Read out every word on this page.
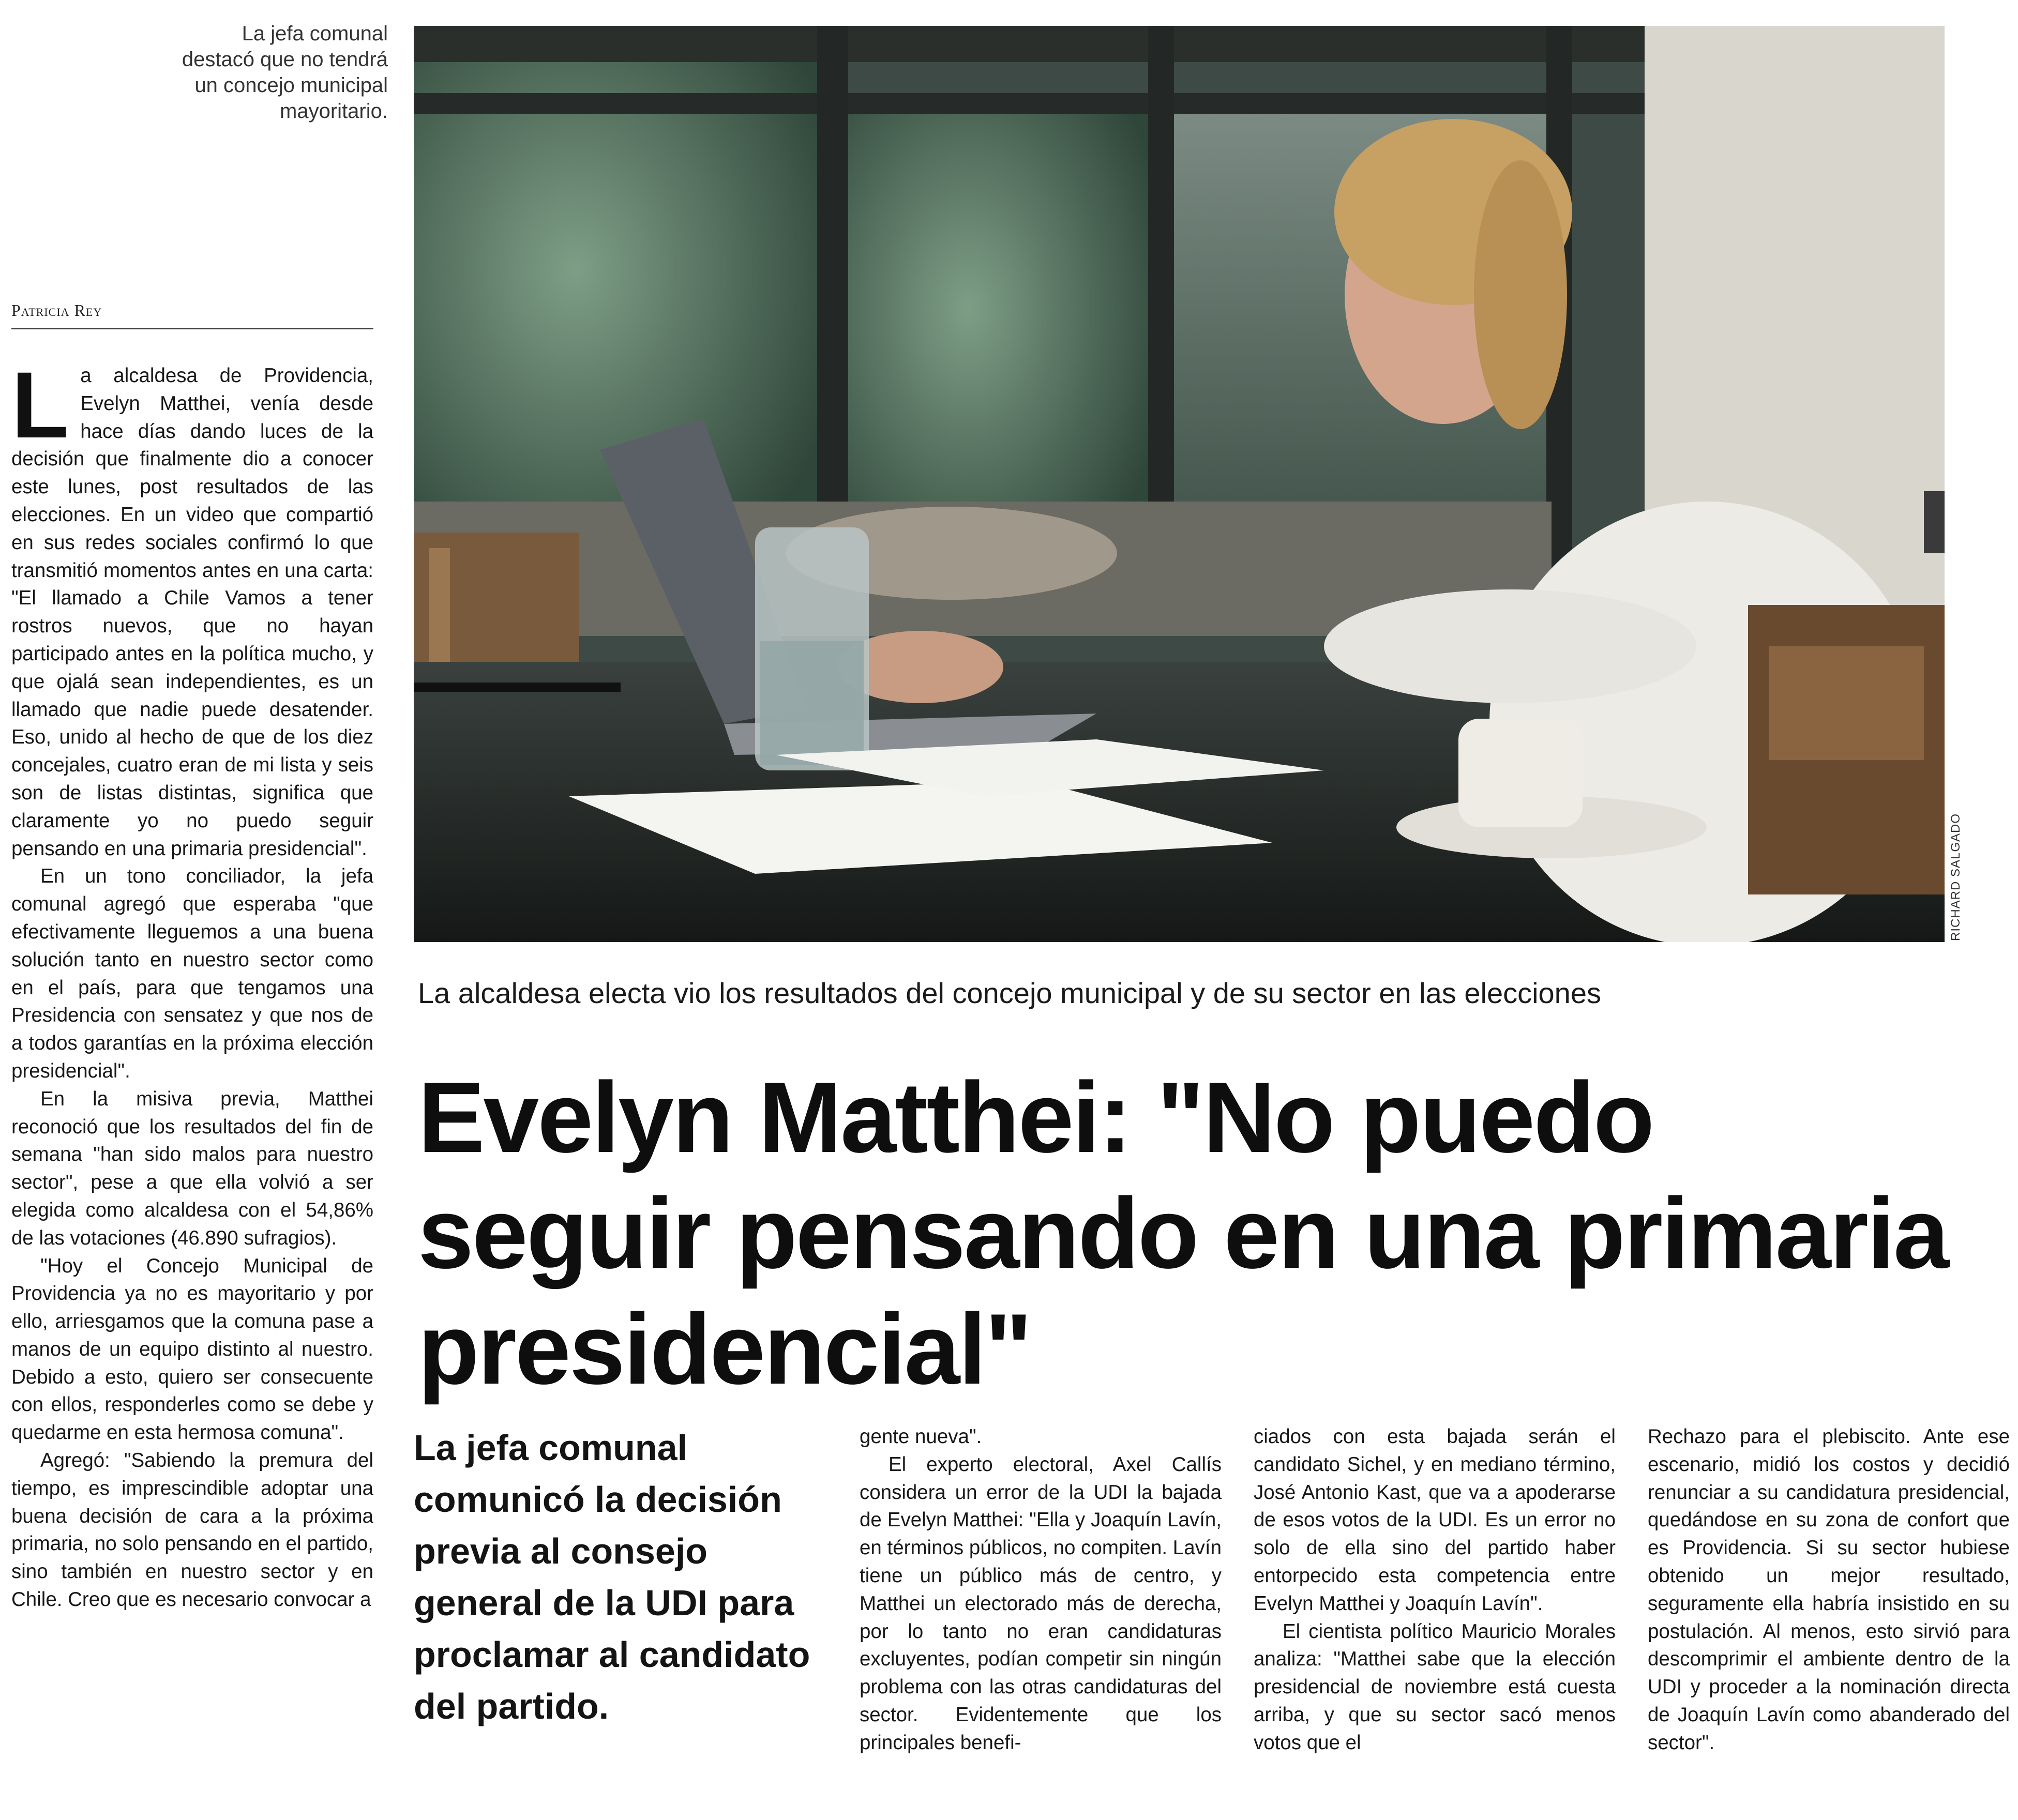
La jefa comunal destacó que no tendrá un concejo municipal mayoritario.
Patricia Rey

La alcaldesa de Providencia, Evelyn Matthei, venía desde hace días dando luces de la decisión que finalmente dio a conocer este lunes, post resultados de las elecciones. En un video que compartió en sus redes sociales confirmó lo que transmitió momentos antes en una carta: "El llamado a Chile Vamos a tener rostros nuevos, que no hayan participado antes en la política mucho, y que ojalá sean independientes, es un llamado que nadie puede desatender. Eso, unido al hecho de que de los diez concejales, cuatro eran de mi lista y seis son de listas distintas, significa que claramente yo no puedo seguir pensando en una primaria presidencial".

En un tono conciliador, la jefa comunal agregó que esperaba "que efectivamente lleguemos a una buena solución tanto en nuestro sector como en el país, para que tengamos una Presidencia con sensatez y que nos de a todos garantías en la próxima elección presidencial".

En la misiva previa, Matthei reconoció que los resultados del fin de semana "han sido malos para nuestro sector", pese a que ella volvió a ser elegida como alcaldesa con el 54,86% de las votaciones (46.890 sufragios).

"Hoy el Concejo Municipal de Providencia ya no es mayoritario y por ello, arriesgamos que la comuna pase a manos de un equipo distinto al nuestro. Debido a esto, quiero ser consecuente con ellos, responderles como se debe y quedarme en esta hermosa comuna".

Agregó: "Sabiendo la premura del tiempo, es imprescindible adoptar una buena decisión de cara a la próxima primaria, no solo pensando en el partido, sino también en nuestro sector y en Chile. Creo que es necesario convocar a

RICHARD SALGADO
La alcaldesa electa vio los resultados del concejo municipal y de su sector en las elecciones
Evelyn Matthei: "No puedo seguir pensando en una primaria presidencial"
La jefa comunal comunicó la decisión previa al consejo general de la UDI para proclamar al candidato del partido.

gente nueva".

El experto electoral, Axel Callís considera un error de la UDI la bajada de Evelyn Matthei: "Ella y Joaquín Lavín, en términos públicos, no compiten. Lavín tiene un público más de centro, y Matthei un electorado más de derecha, por lo tanto no eran candidaturas excluyentes, podían competir sin ningún problema con las otras candidaturas del sector. Evidentemente que los principales benefi-

ciados con esta bajada serán el candidato Sichel, y en mediano término, José Antonio Kast, que va a apoderarse de esos votos de la UDI. Es un error no solo de ella sino del partido haber entorpecido esta competencia entre Evelyn Matthei y Joaquín Lavín".

El cientista político Mauricio Morales analiza: "Matthei sabe que la elección presidencial de noviembre está cuesta arriba, y que su sector sacó menos votos que el

Rechazo para el plebiscito. Ante ese escenario, midió los costos y decidió renunciar a su candidatura presidencial, quedándose en su zona de confort que es Providencia. Si su sector hubiese obtenido un mejor resultado, seguramente ella habría insistido en su postulación. Al menos, esto sirvió para descomprimir el ambiente dentro de la UDI y proceder a la nominación directa de Joaquín Lavín como abanderado del sector".
